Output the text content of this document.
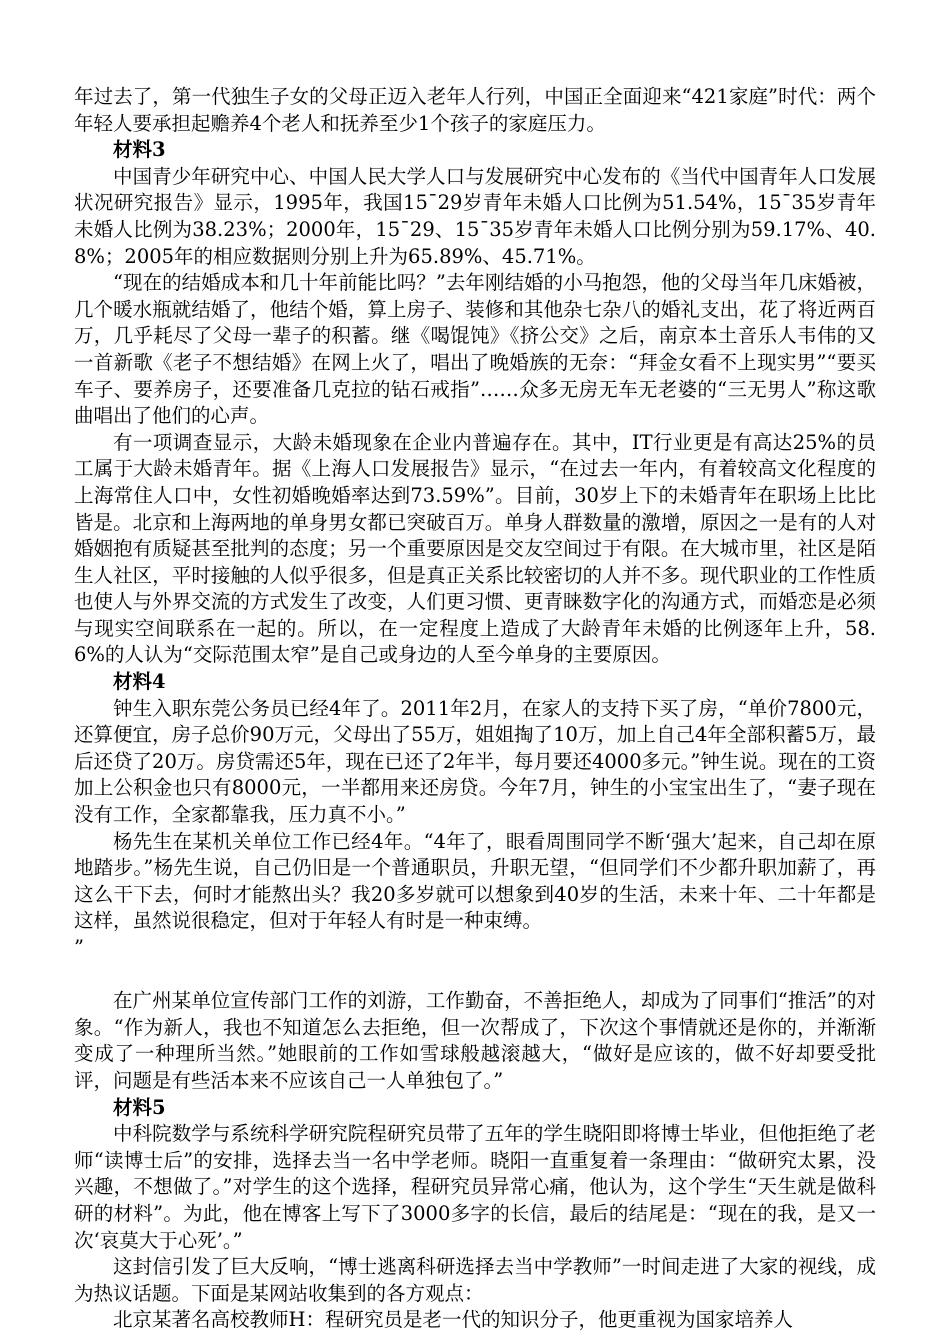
年过去了，第一代独生子女的父母正迈入老年人行列，中国正全面迎来“421家庭”时代：两个年轻人要承担起赡养4个老人和抚养至少1个孩子的家庭压力。

材料3

中国青少年研究中心、中国人民大学人口与发展研究中心发布的《当代中国青年人口发展状况研究报告》显示，1995年，我国15¯29岁青年未婚人口比例为51.54%，15¯35岁青年未婚人比例为38.23%；2000年，15¯29、15¯35岁青年未婚人口比例分别为59.17%、40.8%；2005年的相应数据则分别上升为65.89%、45.71%。

“现在的结婚成本和几十年前能比吗？”去年刚结婚的小马抱怨，他的父母当年几床婚被，几个暖水瓶就结婚了，他结个婚，算上房子、装修和其他杂七杂八的婚礼支出，花了将近两百万，几乎耗尽了父母一辈子的积蓄。继《喝馄饨》《挤公交》之后，南京本土音乐人韦伟的又一首新歌《老子不想结婚》在网上火了，唱出了晚婚族的无奈：“拜金女看不上现实男”“要买车子、要养房子，还要准备几克拉的钻石戒指”……众多无房无车无老婆的“三无男人”称这歌曲唱出了他们的心声。

有一项调查显示，大龄未婚现象在企业内普遍存在。其中，IT行业更是有高达25%的员工属于大龄未婚青年。据《上海人口发展报告》显示，“在过去一年内，有着较高文化程度的上海常住人口中，女性初婚晚婚率达到73.59%”。目前，30岁上下的未婚青年在职场上比比皆是。北京和上海两地的单身男女都已突破百万。单身人群数量的激增，原因之一是有的人对婚姻抱有质疑甚至批判的态度；另一个重要原因是交友空间过于有限。在大城市里，社区是陌生人社区，平时接触的人似乎很多，但是真正关系比较密切的人并不多。现代职业的工作性质也使人与外界交流的方式发生了改变，人们更习惯、更青睐数字化的沟通方式，而婚恋是必须与现实空间联系在一起的。所以，在一定程度上造成了大龄青年未婚的比例逐年上升，58.6%的人认为“交际范围太窄”是自己或身边的人至今单身的主要原因。

材料4

钟生入职东莞公务员已经4年了。2011年2月，在家人的支持下买了房，“单价7800元，还算便宜，房子总价90万元，父母出了55万，姐姐掏了10万，加上自己4年全部积蓄5万，最后还贷了20万。房贷需还5年，现在已还了2年半，每月要还4000多元。”钟生说。现在的工资加上公积金也只有8000元，一半都用来还房贷。今年7月，钟生的小宝宝出生了，“妻子现在没有工作，全家都靠我，压力真不小。”

杨先生在某机关单位工作已经4年。“4年了，眼看周围同学不断‘强大’起来，自己却在原地踏步。”杨先生说，自己仍旧是一个普通职员，升职无望，“但同学们不少都升职加薪了，再这么干下去，何时才能熬出头？我20多岁就可以想象到40岁的生活，未来十年、二十年都是这样，虽然说很稳定，但对于年轻人有时是一种束缚。

”

在广州某单位宣传部门工作的刘游，工作勤奋，不善拒绝人，却成为了同事们“推活”的对象。“作为新人，我也不知道怎么去拒绝，但一次帮成了，下次这个事情就还是你的，并渐渐变成了一种理所当然。”她眼前的工作如雪球般越滚越大，“做好是应该的，做不好却要受批评，问题是有些活本来不应该自己一人单独包了。”

材料5

中科院数学与系统科学研究院程研究员带了五年的学生晓阳即将博士毕业，但他拒绝了老师“读博士后”的安排，选择去当一名中学老师。晓阳一直重复着一条理由：“做研究太累，没兴趣，不想做了。”对学生的这个选择，程研究员异常心痛，他认为，这个学生“天生就是做科研的材料”。为此，他在博客上写下了3000多字的长信，最后的结尾是：“现在的我，是又一次‘哀莫大于心死’。”

这封信引发了巨大反响，“博士逃离科研选择去当中学教师”一时间走进了大家的视线，成为热议话题。下面是某网站收集到的各方观点：

北京某著名高校教师H：程研究员是老一代的知识分子，他更重视为国家培养人
